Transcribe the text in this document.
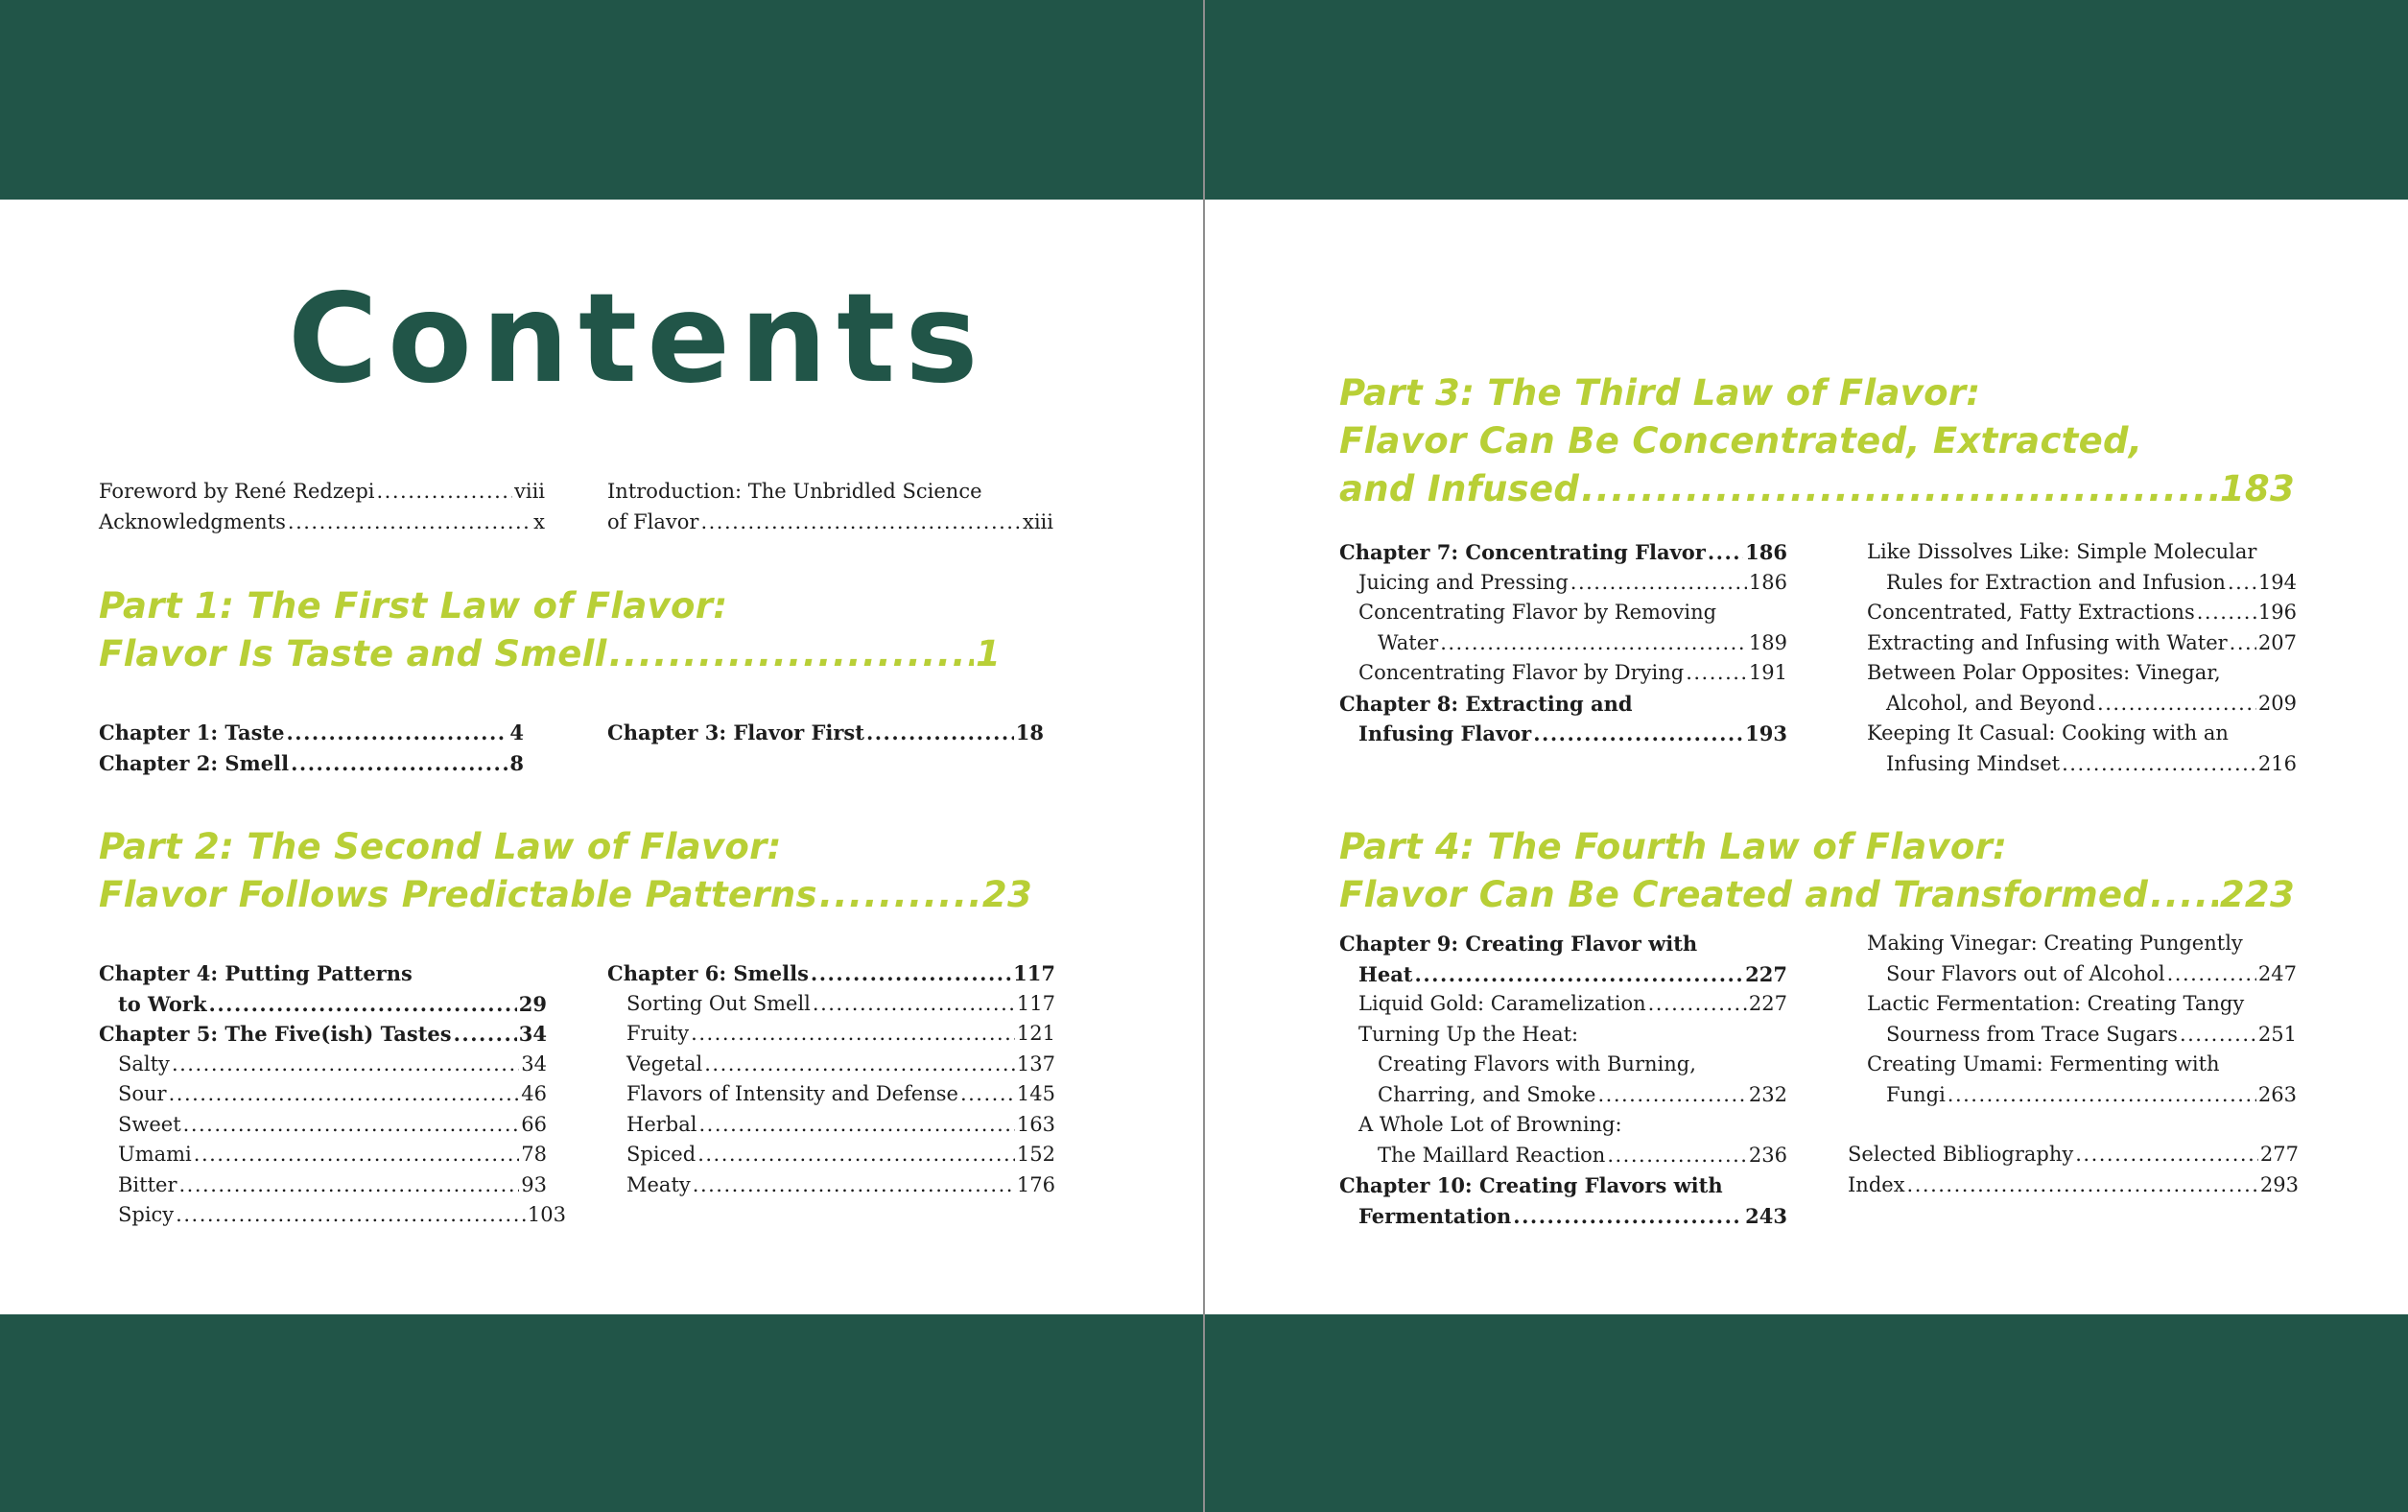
Contents
Foreword by René Redzepi .....	viii
Acknowledgments .....	x
Introduction: The Unbridled Science
of Flavor .....	xiii
Part 1: The First Law of Flavor:
Flavor Is Taste and Smell .....	1
Chapter 1: Taste .....	4
Chapter 2: Smell .....	8
Chapter 3: Flavor First .....	18
Part 2: The Second Law of Flavor:
Flavor Follows Predictable Patterns .....	23
Chapter 4: Putting Patterns
to Work .....	29
Chapter 5: The Five(ish) Tastes .....	34
Salty .....	34
Sour .....	46
Sweet .....	66
Umami .....	78
Bitter .....	93
Spicy .....	103
Chapter 6: Smells .....	117
Sorting Out Smell .....	117
Fruity .....	121
Vegetal .....	137
Flavors of Intensity and Defense .....	145
Herbal .....	163
Spiced .....	152
Meaty .....	176
Part 3: The Third Law of Flavor:
Flavor Can Be Concentrated, Extracted,
and Infused .....	183
Chapter 7: Concentrating Flavor ..... 186
Juicing and Pressing .....	186
Concentrating Flavor by Removing
Water .....	189
Concentrating Flavor by Drying .....	191
Chapter 8: Extracting and
Infusing Flavor .....	193
Like Dissolves Like: Simple Molecular
Rules for Extraction and Infusion ..... 194
Concentrated, Fatty Extractions .....	196
Extracting and Infusing with Water ..... 207
Between Polar Opposites: Vinegar,
Alcohol, and Beyond .....	209
Keeping It Casual: Cooking with an
Infusing Mindset .....	216
Part 4: The Fourth Law of Flavor:
Flavor Can Be Created and Transformed ..... 223
Chapter 9: Creating Flavor with
Heat .....	227
Liquid Gold: Caramelization .....	227
Turning Up the Heat:
Creating Flavors with Burning,
Charring, and Smoke .....	232
A Whole Lot of Browning:
The Maillard Reaction .....	236
Chapter 10: Creating Flavors with
Fermentation .....	243
Making Vinegar: Creating Pungently
Sour Flavors out of Alcohol .....	247
Lactic Fermentation: Creating Tangy
Sourness from Trace Sugars .....	251
Creating Umami: Fermenting with
Fungi .....	263
Selected Bibliography .....	277
Index .....	293
